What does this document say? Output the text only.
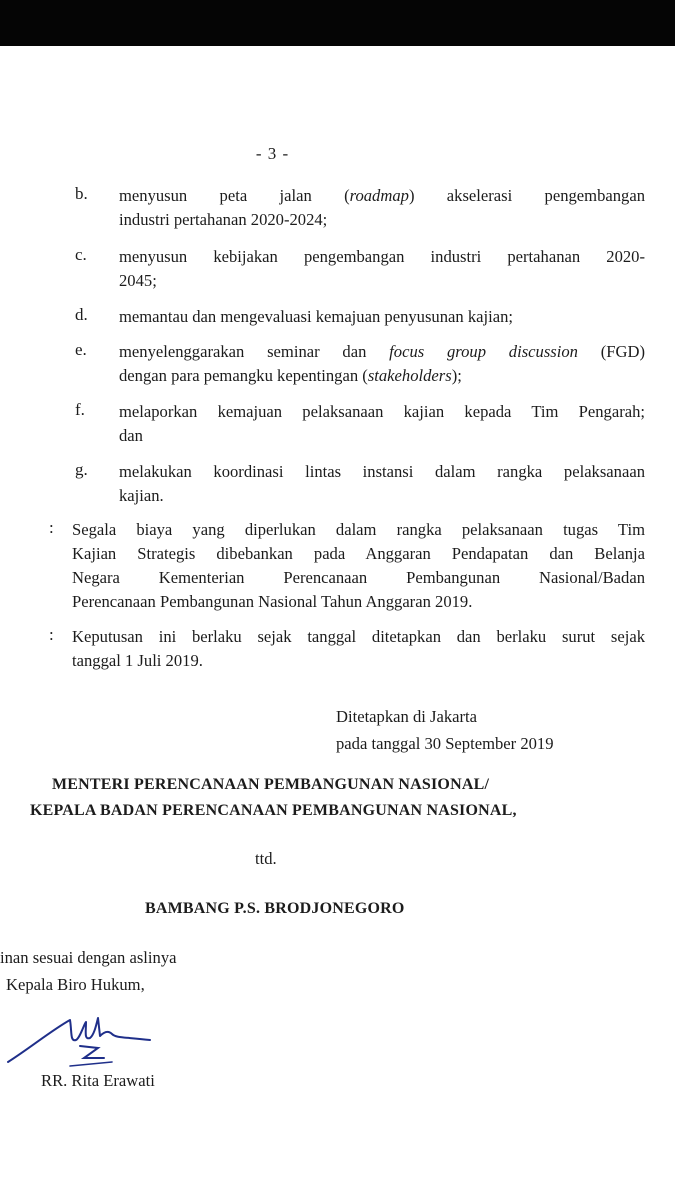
- 3 -
b. menyusun peta jalan (roadmap) akselerasi pengembangan
industri pertahanan 2020-2024;
c. menyusun kebijakan pengembangan industri pertahanan 2020-
2045;
d. memantau dan mengevaluasi kemajuan penyusunan kajian;
e. menyelenggarakan seminar dan focus group discussion (FGD)
dengan para pemangku kepentingan (stakeholders);
f. melaporkan kemajuan pelaksanaan kajian kepada Tim Pengarah;
dan
g. melakukan koordinasi lintas instansi dalam rangka pelaksanaan
kajian.
: Segala biaya yang diperlukan dalam rangka pelaksanaan tugas Tim
Kajian Strategis dibebankan pada Anggaran Pendapatan dan Belanja
Negara Kementerian Perencanaan Pembangunan Nasional/Badan
Perencanaan Pembangunan Nasional Tahun Anggaran 2019.
: Keputusan ini berlaku sejak tanggal ditetapkan dan berlaku surut sejak
tanggal 1 Juli 2019.
Ditetapkan di Jakarta
pada tanggal 30 September 2019
MENTERI PERENCANAAN PEMBANGUNAN NASIONAL/
KEPALA BADAN PERENCANAAN PEMBANGUNAN NASIONAL,
ttd.
BAMBANG P.S. BRODJONEGORO
inan sesuai dengan aslinya
Kepala Biro Hukum,
RR. Rita Erawati
